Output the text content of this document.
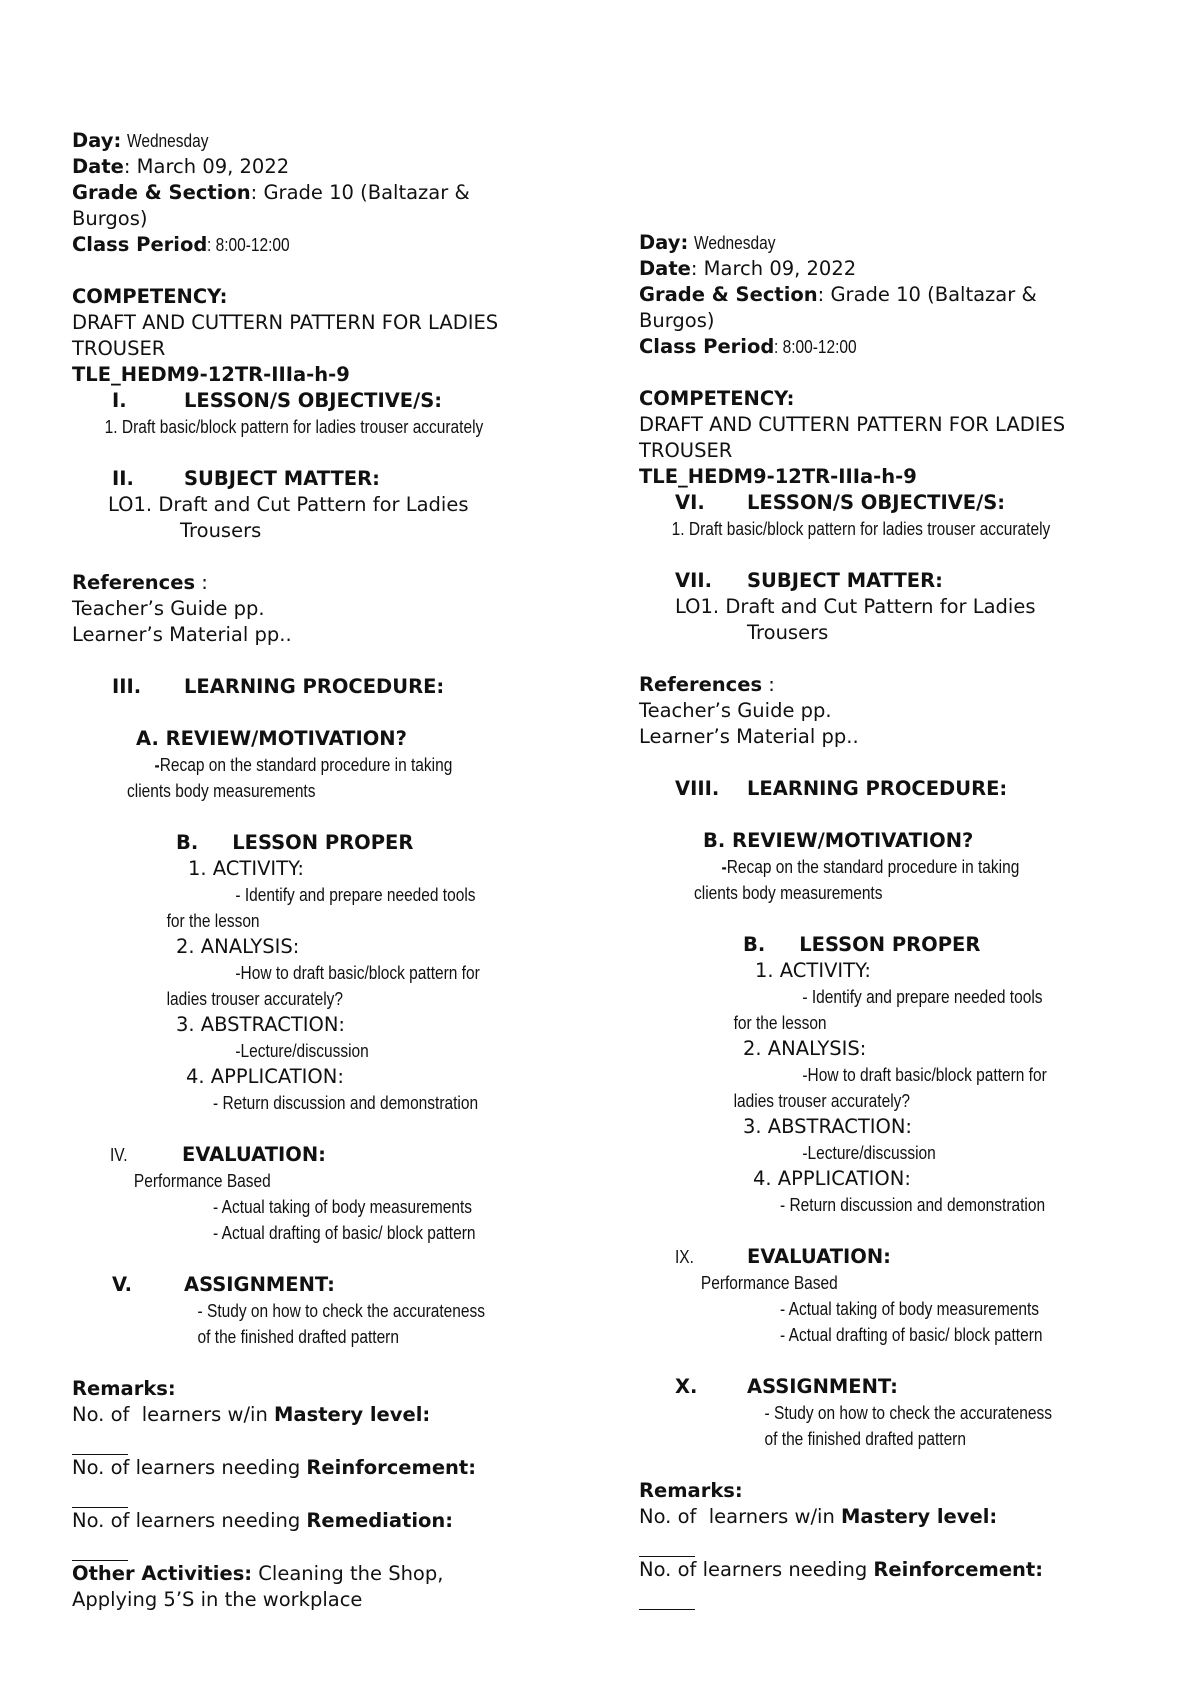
Day: Wednesday
Date: March 09, 2022
Grade & Section: Grade 10 (Baltazar &
Burgos)
Class Period: 8:00-12:00
COMPETENCY:
DRAFT AND CUTTERN PATTERN FOR LADIES
TROUSER
TLE_HEDM9-12TR-IIIa-h-9
I.	LESSON/S OBJECTIVE/S:
1. Draft basic/block pattern for ladies trouser accurately
II.	SUBJECT MATTER:
LO1. Draft and Cut Pattern for Ladies
Trousers
References :
Teacher’s Guide pp.
Learner’s Material pp..
III. LEARNING PROCEDURE:
A. REVIEW/MOTIVATION?
-Recap on the standard procedure in taking
clients body measurements
B.     LESSON PROPER
1. ACTIVITY:
- Identify and prepare needed tools
for the lesson
2. ANALYSIS:
-How to draft basic/block pattern for
ladies trouser accurately?
3. ABSTRACTION:
-Lecture/discussion
4. APPLICATION:
- Return discussion and demonstration
IV.	EVALUATION:
Performance Based
- Actual taking of body measurements
- Actual drafting of basic/ block pattern
V.	ASSIGNMENT:
- Study on how to check the accurateness
of the finished drafted pattern
Remarks:
No. of  learners w/in Mastery level:
No. of learners needing Reinforcement:
No. of learners needing Remediation:
Other Activities: Cleaning the Shop,
Applying 5’S in the workplace
Day: Wednesday
Date: March 09, 2022
Grade & Section: Grade 10 (Baltazar &
Burgos)
Class Period: 8:00-12:00
COMPETENCY:
DRAFT AND CUTTERN PATTERN FOR LADIES
TROUSER
TLE_HEDM9-12TR-IIIa-h-9
VI. LESSON/S OBJECTIVE/S:
1. Draft basic/block pattern for ladies trouser accurately
VII. SUBJECT MATTER:
LO1. Draft and Cut Pattern for Ladies
Trousers
References :
Teacher’s Guide pp.
Learner’s Material pp..
VIII. LEARNING PROCEDURE:
B. REVIEW/MOTIVATION?
-Recap on the standard procedure in taking
clients body measurements
B.     LESSON PROPER
1. ACTIVITY:
- Identify and prepare needed tools
for the lesson
2. ANALYSIS:
-How to draft basic/block pattern for
ladies trouser accurately?
3. ABSTRACTION:
-Lecture/discussion
4. APPLICATION:
- Return discussion and demonstration
IX.	EVALUATION:
Performance Based
- Actual taking of body measurements
- Actual drafting of basic/ block pattern
X.	ASSIGNMENT:
- Study on how to check the accurateness
of the finished drafted pattern
Remarks:
No. of  learners w/in Mastery level:
No. of learners needing Reinforcement:
